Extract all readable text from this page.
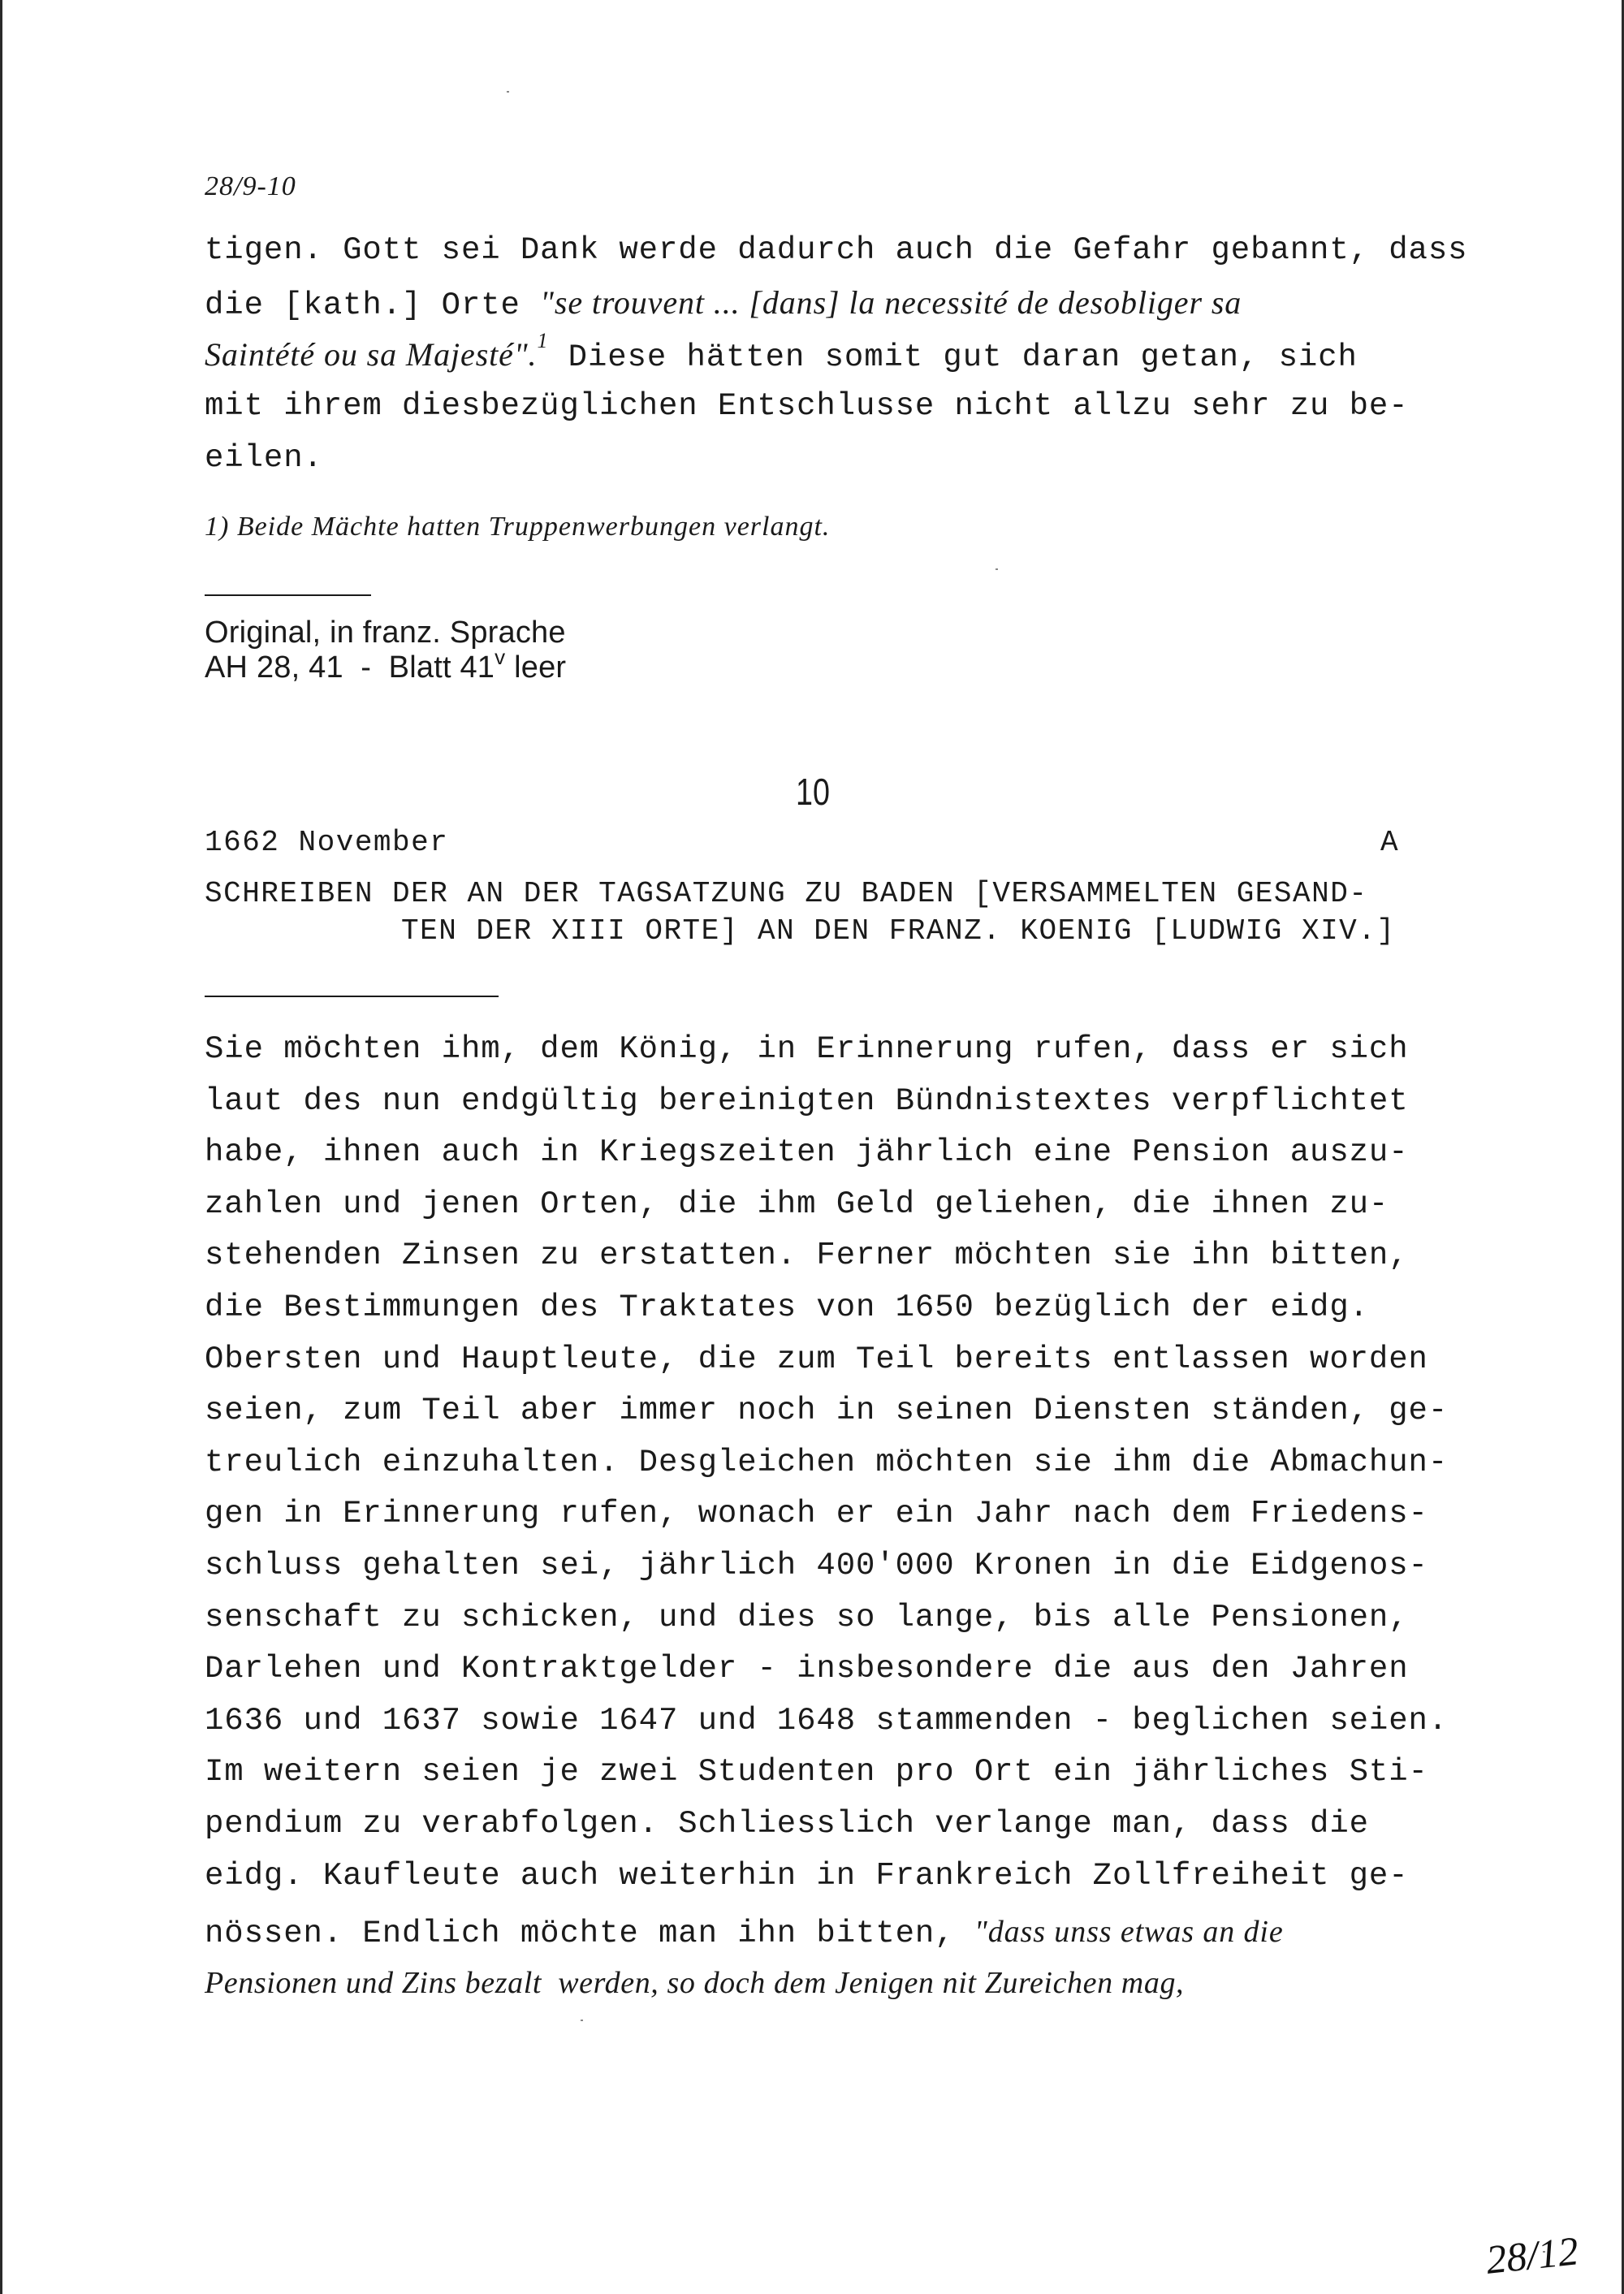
28/9-10
tigen. Gott sei Dank werde dadurch auch die Gefahr gebannt, dass
die [kath.] Orte "se trouvent ... [dans] la necessité de desobliger sa
Saintété ou sa Majesté".$^1$ Diese hätten somit gut daran getan, sich
mit ihrem diesbezüglichen Entschlusse nicht allzu sehr zu be-
eilen.
1) Beide Mächte hatten Truppenwerbungen verlangt.
Original, in franz. Sprache
AH 28, 41  -  Blatt 41$^v$ leer
10
1662 November	A
SCHREIBEN DER AN DER TAGSATZUNG ZU BADEN [VERSAMMELTEN GESAND-
TEN DER XIII ORTE] AN DEN FRANZ. KOENIG [LUDWIG XIV.]
Sie möchten ihm, dem König, in Erinnerung rufen, dass er sich
laut des nun endgültig bereinigten Bündnistextes verpflichtet
habe, ihnen auch in Kriegszeiten jährlich eine Pension auszu-
zahlen und jenen Orten, die ihm Geld geliehen, die ihnen zu-
stehenden Zinsen zu erstatten. Ferner möchten sie ihn bitten,
die Bestimmungen des Traktates von 1650 bezüglich der eidg.
Obersten und Hauptleute, die zum Teil bereits entlassen worden
seien, zum Teil aber immer noch in seinen Diensten ständen, ge-
treulich einzuhalten. Desgleichen möchten sie ihm die Abmachun-
gen in Erinnerung rufen, wonach er ein Jahr nach dem Friedens-
schluss gehalten sei, jährlich 400'000 Kronen in die Eidgenos-
senschaft zu schicken, und dies so lange, bis alle Pensionen,
Darlehen und Kontraktgelder - insbesondere die aus den Jahren
1636 und 1637 sowie 1647 und 1648 stammenden - beglichen seien.
Im weitern seien je zwei Studenten pro Ort ein jährliches Sti-
pendium zu verabfolgen. Schliesslich verlange man, dass die
eidg. Kaufleute auch weiterhin in Frankreich Zollfreiheit ge-
nössen. Endlich möchte man ihn bitten, "dass unss etwas an die
Pensionen und Zins bezalt  werden, so doch dem Jenigen nit Zureichen mag,
28/12
